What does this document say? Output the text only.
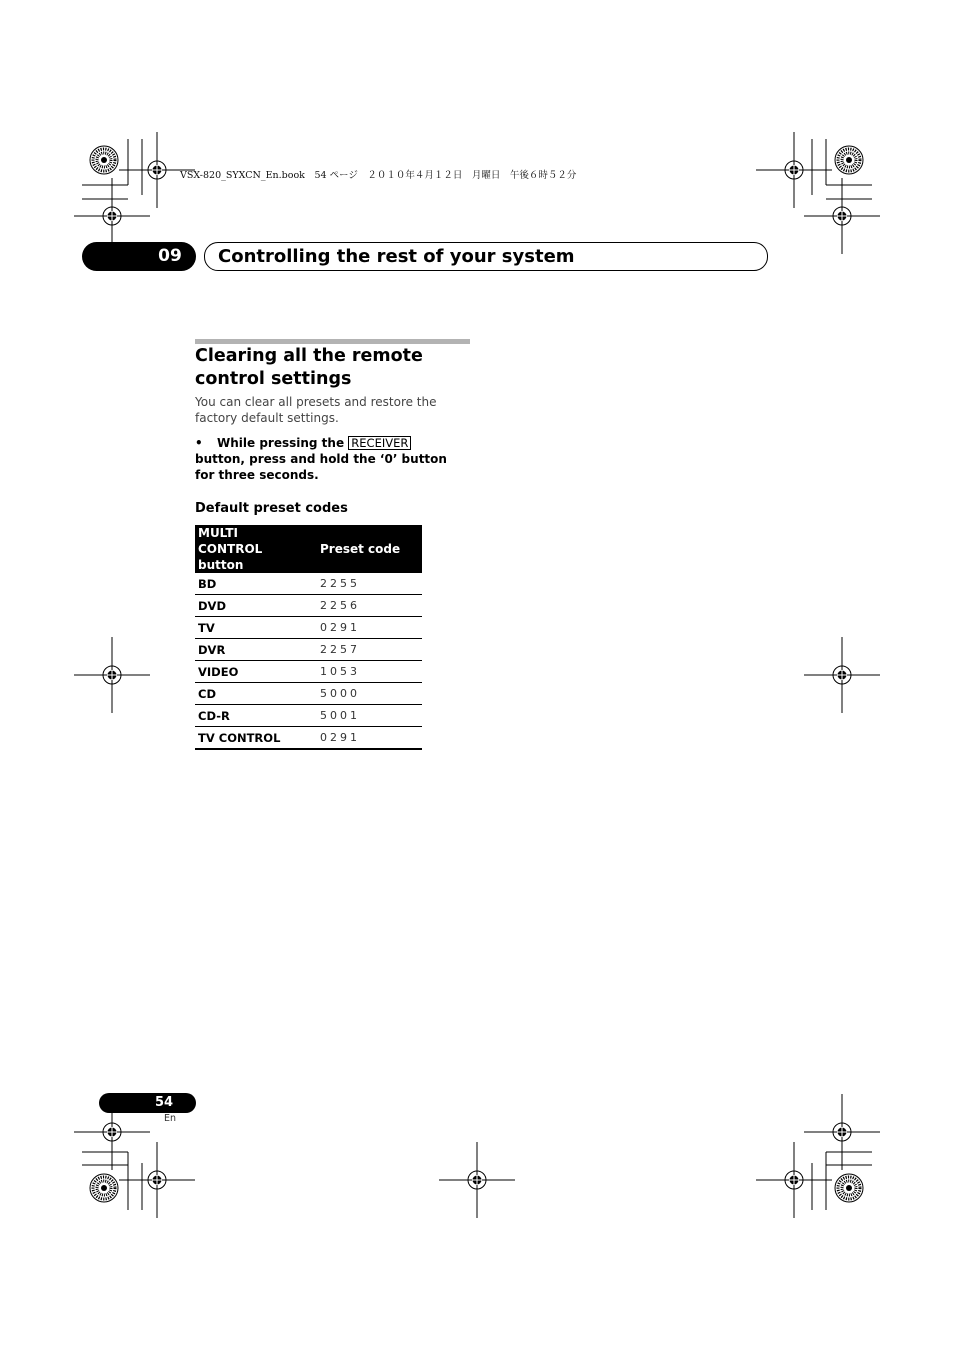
VSX-820_SYXCN_En.book　54 ページ　２０１０年４月１２日　月曜日　午後６時５２分
09	Controlling the rest of your system
Clearing all the remote control settings
You can clear all presets and restore the factory default settings.
• While pressing the RECEIVER button, press and hold the ‘0’ button for three seconds.
Default preset codes
MULTI CONTROL button	Preset code
BD	2255
DVD	2256
TV	0291
DVR	2257
VIDEO	1053
CD	5000
CD-R	5001
TV CONTROL	0291
54
En
